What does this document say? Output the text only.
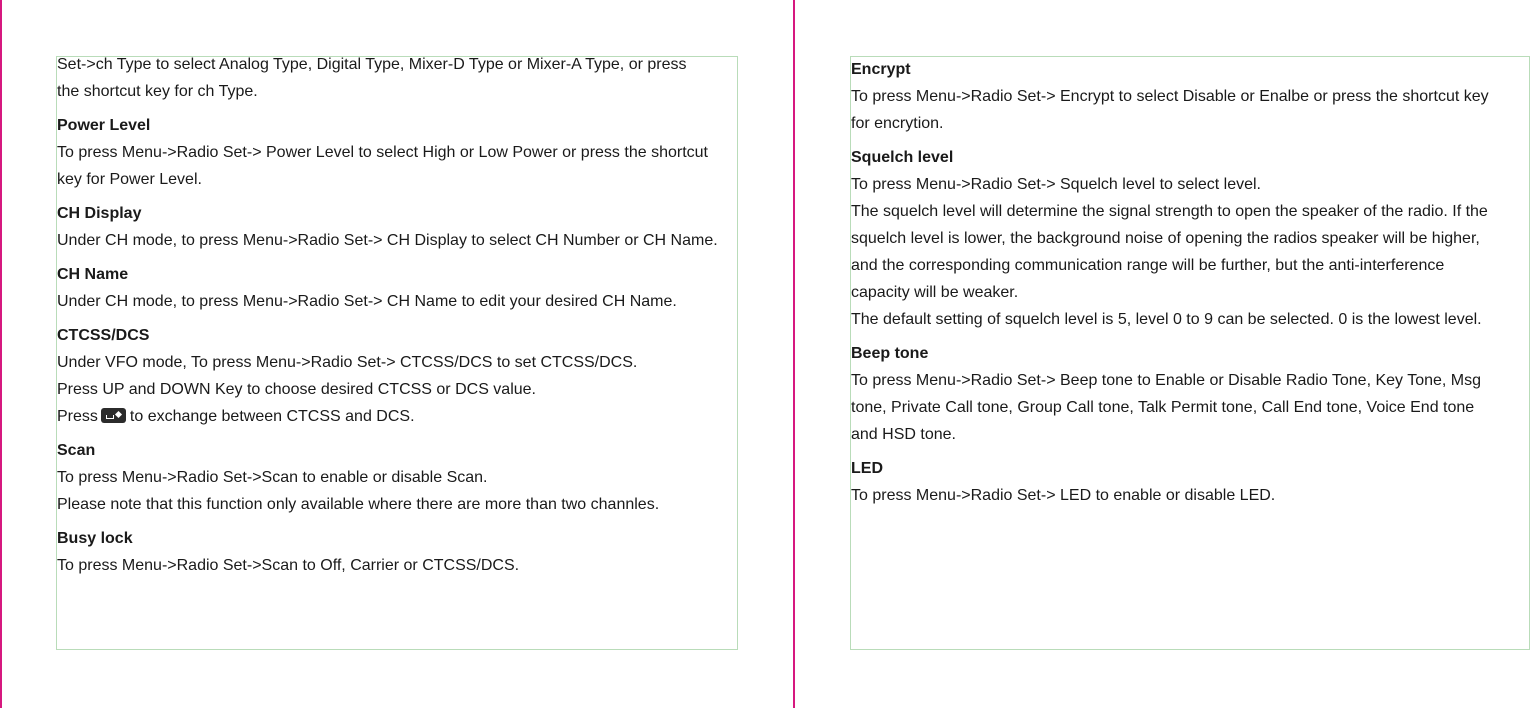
Set->ch Type to select Analog Type, Digital Type, Mixer-D Type or Mixer-A Type, or press
the shortcut key for ch Type.
Power Level
To press Menu->Radio Set-> Power Level to select High or Low Power or press the shortcut
key for Power Level.
CH Display
Under CH mode, to press Menu->Radio Set-> CH Display to select CH Number or CH Name.
CH Name
Under CH mode, to press Menu->Radio Set-> CH Name to edit your desired CH Name.
CTCSS/DCS
Under VFO mode, To press Menu->Radio Set-> CTCSS/DCS to set CTCSS/DCS.
Press UP and DOWN Key to choose desired CTCSS or DCS value.
Press to exchange between CTCSS and DCS.
Scan
To press Menu->Radio Set->Scan to enable or disable Scan.
Please note that this function only available where there are more than two channles.
Busy lock
To press Menu->Radio Set->Scan to Off, Carrier or CTCSS/DCS.
Encrypt
To press Menu->Radio Set-> Encrypt to select Disable or Enalbe or press the shortcut key
for encrytion.
Squelch level
To press Menu->Radio Set-> Squelch level to select level.
The squelch level will determine the signal strength to open the speaker of the radio. If the
squelch level is lower, the background noise of opening the radios speaker will be higher,
and the corresponding communication range will be further, but the anti-interference
capacity will be weaker.
The default setting of squelch level is 5, level 0 to 9 can be selected. 0 is the lowest level.
Beep tone
To press Menu->Radio Set-> Beep tone to Enable or Disable Radio Tone, Key Tone, Msg
tone, Private Call tone, Group Call tone, Talk Permit tone, Call End tone, Voice End tone
and HSD tone.
LED
To press Menu->Radio Set-> LED to enable or disable LED.
